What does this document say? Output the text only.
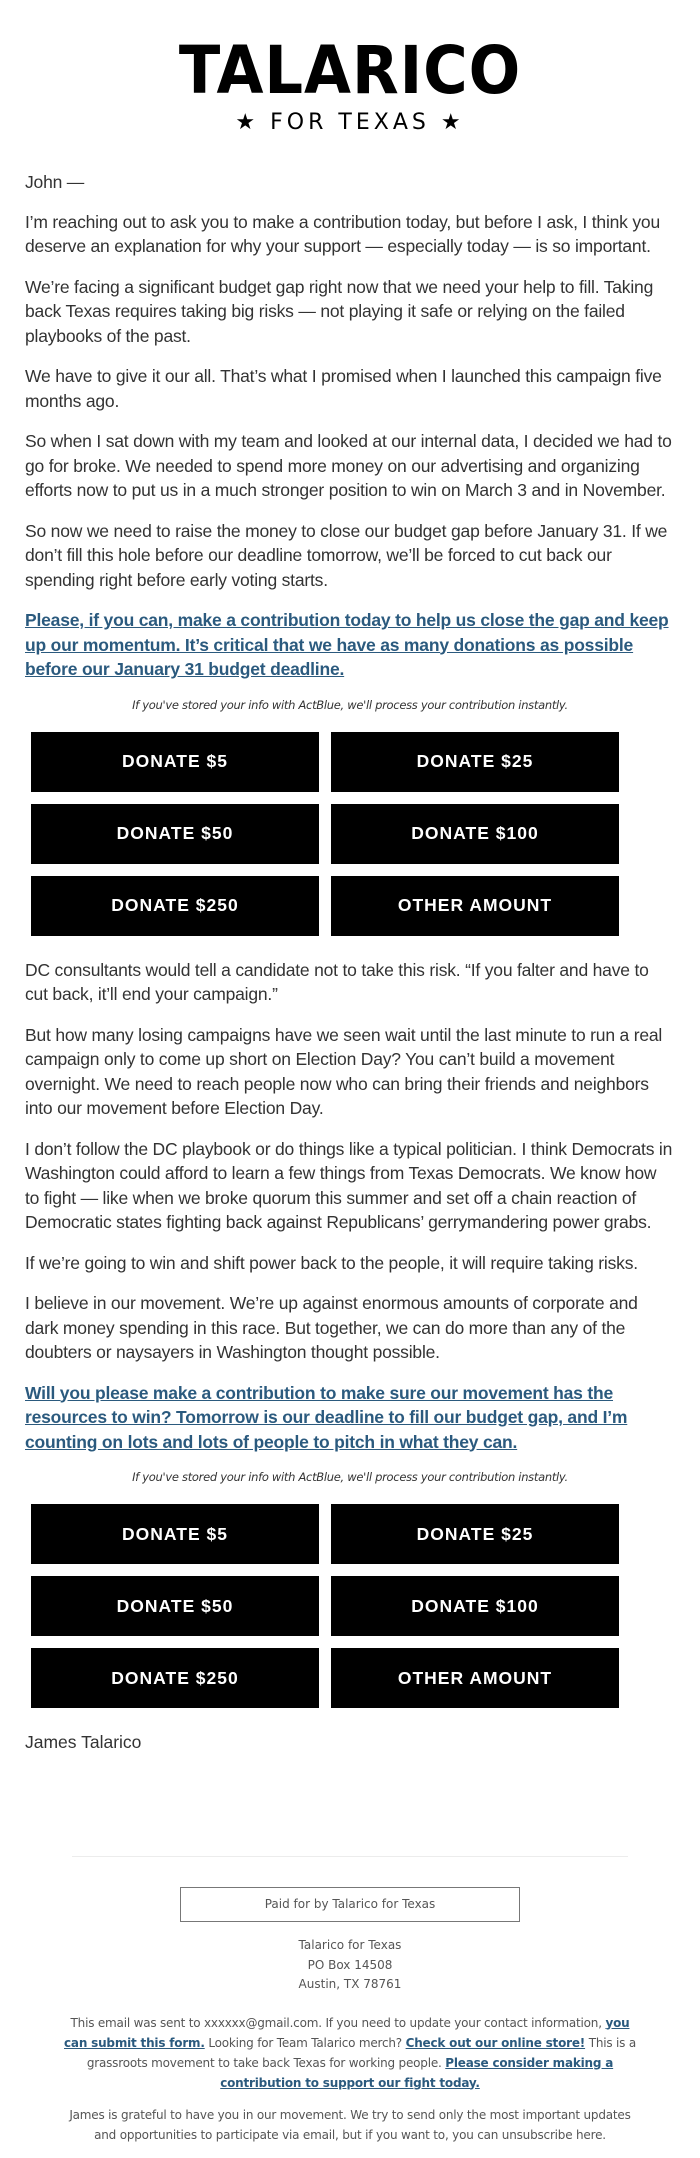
TALARICO
★ FOR TEXAS ★

John —

I’m reaching out to ask you to make a contribution today, but before I ask, I think you deserve an explanation for why your support — especially today — is so important.

We’re facing a significant budget gap right now that we need your help to fill. Taking back Texas requires taking big risks — not playing it safe or relying on the failed playbooks of the past.

We have to give it our all. That’s what I promised when I launched this campaign five months ago.

So when I sat down with my team and looked at our internal data, I decided we had to go for broke. We needed to spend more money on our advertising and organizing efforts now to put us in a much stronger position to win on March 3 and in November.

So now we need to raise the money to close our budget gap before January 31. If we don’t fill this hole before our deadline tomorrow, we’ll be forced to cut back our spending right before early voting starts.

Please, if you can, make a contribution today to help us close the gap and keep up our momentum. It’s critical that we have as many donations as possible before our January 31 budget deadline.

If you've stored your info with ActBlue, we'll process your contribution instantly.

DONATE $5	DONATE $25
DONATE $50	DONATE $100
DONATE $250	OTHER AMOUNT

DC consultants would tell a candidate not to take this risk. “If you falter and have to cut back, it’ll end your campaign.”

But how many losing campaigns have we seen wait until the last minute to run a real campaign only to come up short on Election Day? You can’t build a movement overnight. We need to reach people now who can bring their friends and neighbors into our movement before Election Day.

I don’t follow the DC playbook or do things like a typical politician. I think Democrats in Washington could afford to learn a few things from Texas Democrats. We know how to fight — like when we broke quorum this summer and set off a chain reaction of Democratic states fighting back against Republicans’ gerrymandering power grabs.

If we’re going to win and shift power back to the people, it will require taking risks.

I believe in our movement. We’re up against enormous amounts of corporate and dark money spending in this race. But together, we can do more than any of the doubters or naysayers in Washington thought possible.

Will you please make a contribution to make sure our movement has the resources to win? Tomorrow is our deadline to fill our budget gap, and I’m counting on lots and lots of people to pitch in what they can.

If you've stored your info with ActBlue, we'll process your contribution instantly.

DONATE $5	DONATE $25
DONATE $50	DONATE $100
DONATE $250	OTHER AMOUNT

James Talarico

Paid for by Talarico for Texas
Talarico for Texas
PO Box 14508
Austin, TX 78761

This email was sent to xxxxxx@gmail.com. If you need to update your contact information, you can submit this form. Looking for Team Talarico merch? Check out our online store! This is a grassroots movement to take back Texas for working people. Please consider making a contribution to support our fight today.

James is grateful to have you in our movement. We try to send only the most important updates and opportunities to participate via email, but if you want to, you can unsubscribe here.
